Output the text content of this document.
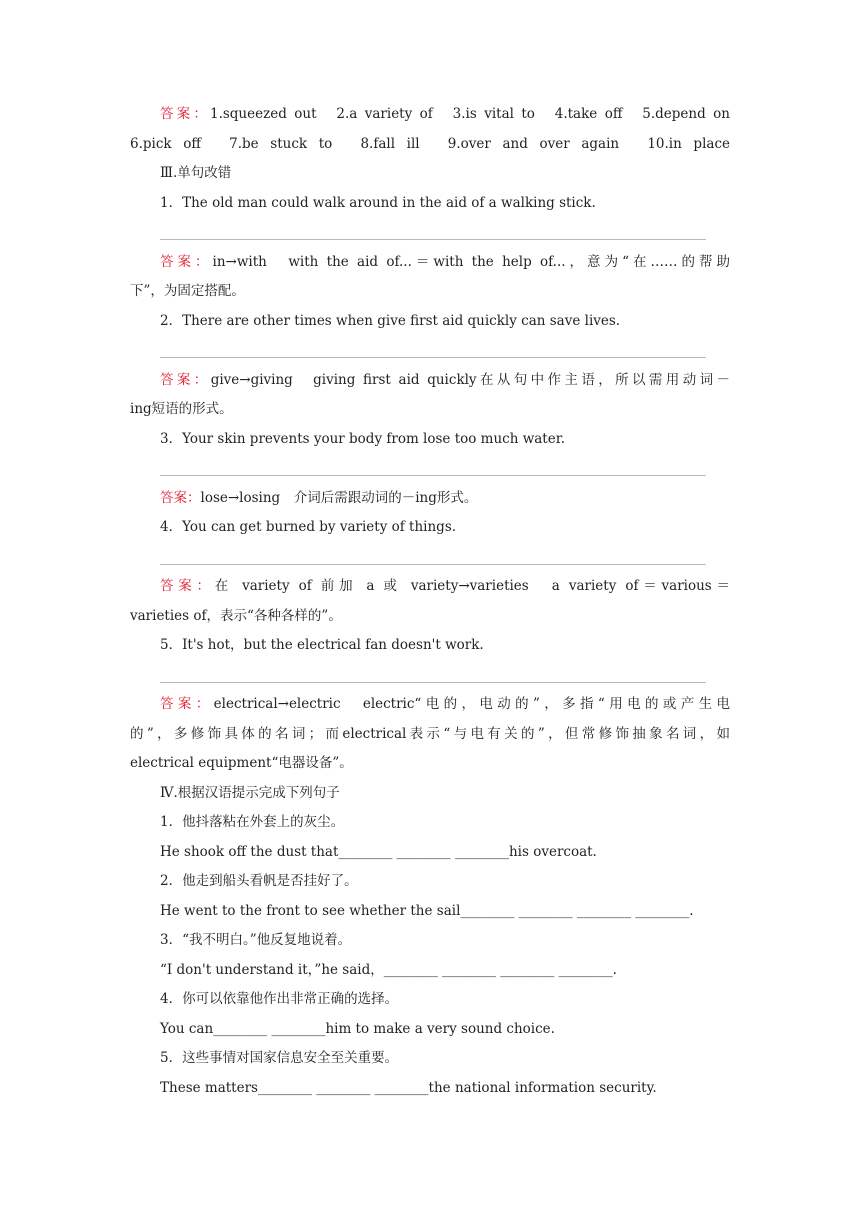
答案：1.squeezed out　2.a variety of　3.is vital to　4.take off　5.depend on
6.pick off　7.be stuck to　8.fall ill　9.over and over again　10.in place
Ⅲ.单句改错
1．The old man could walk around in the aid of a walking stick.
答案：in→with　with the aid of...＝with the help of...，意为“在……的帮助
下”，为固定搭配。
2．There are other times when give first aid quickly can save lives.
答案：give→giving　giving first aid quickly在从句中作主语，所以需用动词－
ing短语的形式。
3．Your skin prevents your body from lose too much water.
答案：lose→losing　介词后需跟动词的－ing形式。
4．You can get burned by variety of things.
答案：在 variety of 前加 a 或 variety→varieties　a variety of＝various＝
varieties of，表示“各种各样的”。
5．It's hot，but the electrical fan doesn't work.
答案：electrical→electric　electric“电的，电动的”，多指“用电的或产生电
的”，多修饰具体的名词；而electrical表示“与电有关的”，但常修饰抽象名词，如
electrical equipment“电器设备”。
Ⅳ.根据汉语提示完成下列句子
1．他抖落粘在外套上的灰尘。
He shook off the dust that________ ________ ________his overcoat.
2．他走到船头看帆是否挂好了。
He went to the front to see whether the sail________ ________ ________ ________.
3．“我不明白。”他反复地说着。
“I don't understand it，”he said，________ ________ ________ ________.
4．你可以依靠他作出非常正确的选择。
You can________ ________him to make a very sound choice.
5．这些事情对国家信息安全至关重要。
These matters________ ________ ________the national information security.
